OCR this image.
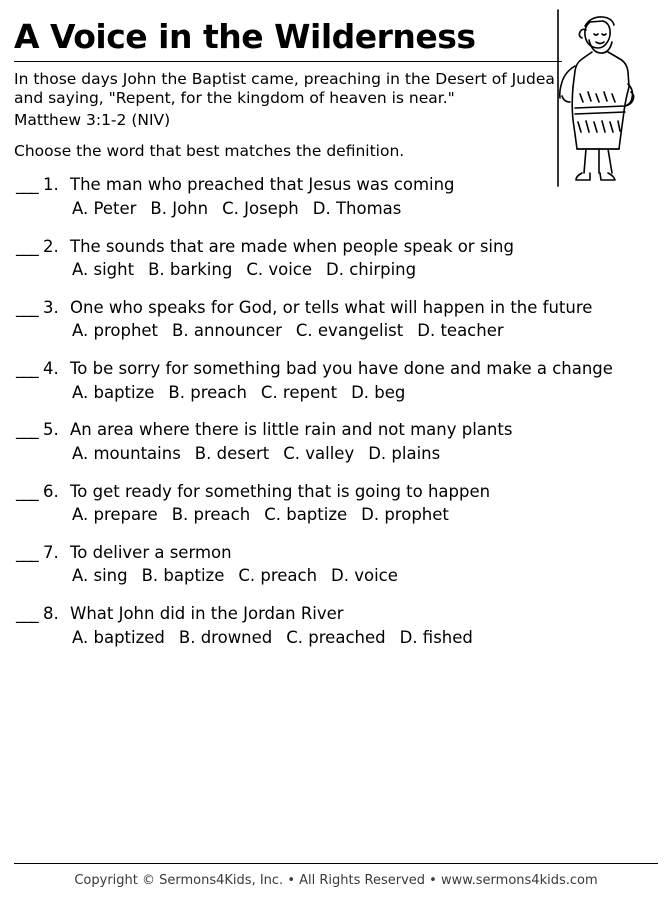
A Voice in the Wilderness

In those days John the Baptist came, preaching in the Desert of Judea and saying, "Repent, for the kingdom of heaven is near."

Matthew 3:1-2 (NIV)

Choose the word that best matches the definition.

___ 1. The man who preached that Jesus was coming
A. Peter B. John C. Joseph D. Thomas
___ 2. The sounds that are made when people speak or sing
A. sight B. barking C. voice D. chirping
___ 3. One who speaks for God, or tells what will happen in the future
A. prophet B. announcer C. evangelist D. teacher
___ 4. To be sorry for something bad you have done and make a change
A. baptize B. preach C. repent D. beg
___ 5. An area where there is little rain and not many plants
A. mountains B. desert C. valley D. plains
___ 6. To get ready for something that is going to happen
A. prepare B. preach C. baptize D. prophet
___ 7. To deliver a sermon
A. sing B. baptize C. preach D. voice
___ 8. What John did in the Jordan River
A. baptized B. drowned C. preached D. fished
Copyright © Sermons4Kids, Inc. • All Rights Reserved • www.sermons4kids.com
